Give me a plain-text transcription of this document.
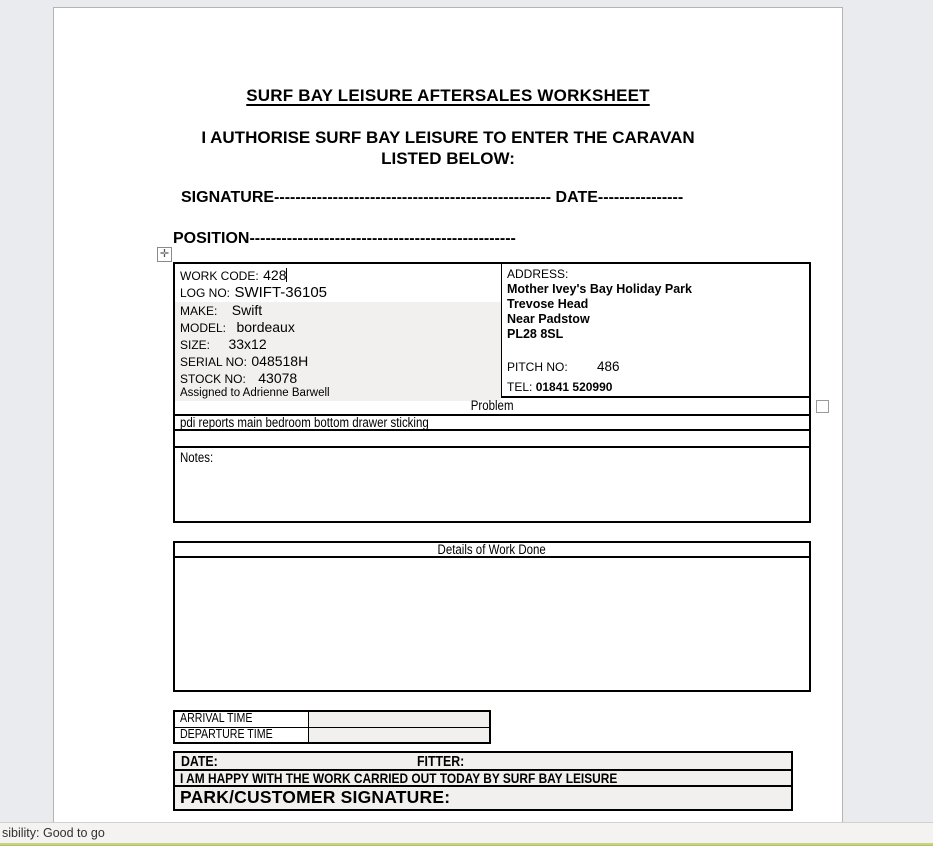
SURF BAY LEISURE AFTERSALES WORKSHEET
I AUTHORISE SURF BAY LEISURE TO ENTER THE CARAVAN
LISTED BELOW:
SIGNATURE---------------------------------------------------- DATE----------------
POSITION--------------------------------------------------
✛
WORK CODE: 428
LOG NO: SWIFT-36105
MAKE: Swift
MODEL: bordeaux
SIZE: 33x12
SERIAL NO: 048518H
STOCK NO: 43078
Assigned to Adrienne Barwell
ADDRESS:
Mother Ivey's Bay Holiday Park
Trevose Head
Near Padstow
PL28 8SL
PITCH NO: 486
TEL: 01841 520990
Problem
pdi reports main bedroom bottom drawer sticking
Notes:
Details of Work Done
ARRIVAL TIME
DEPARTURE TIME
DATE:	FITTER:
I AM HAPPY WITH THE WORK CARRIED OUT TODAY BY SURF BAY LEISURE
PARK/CUSTOMER SIGNATURE:
sibility: Good to go
